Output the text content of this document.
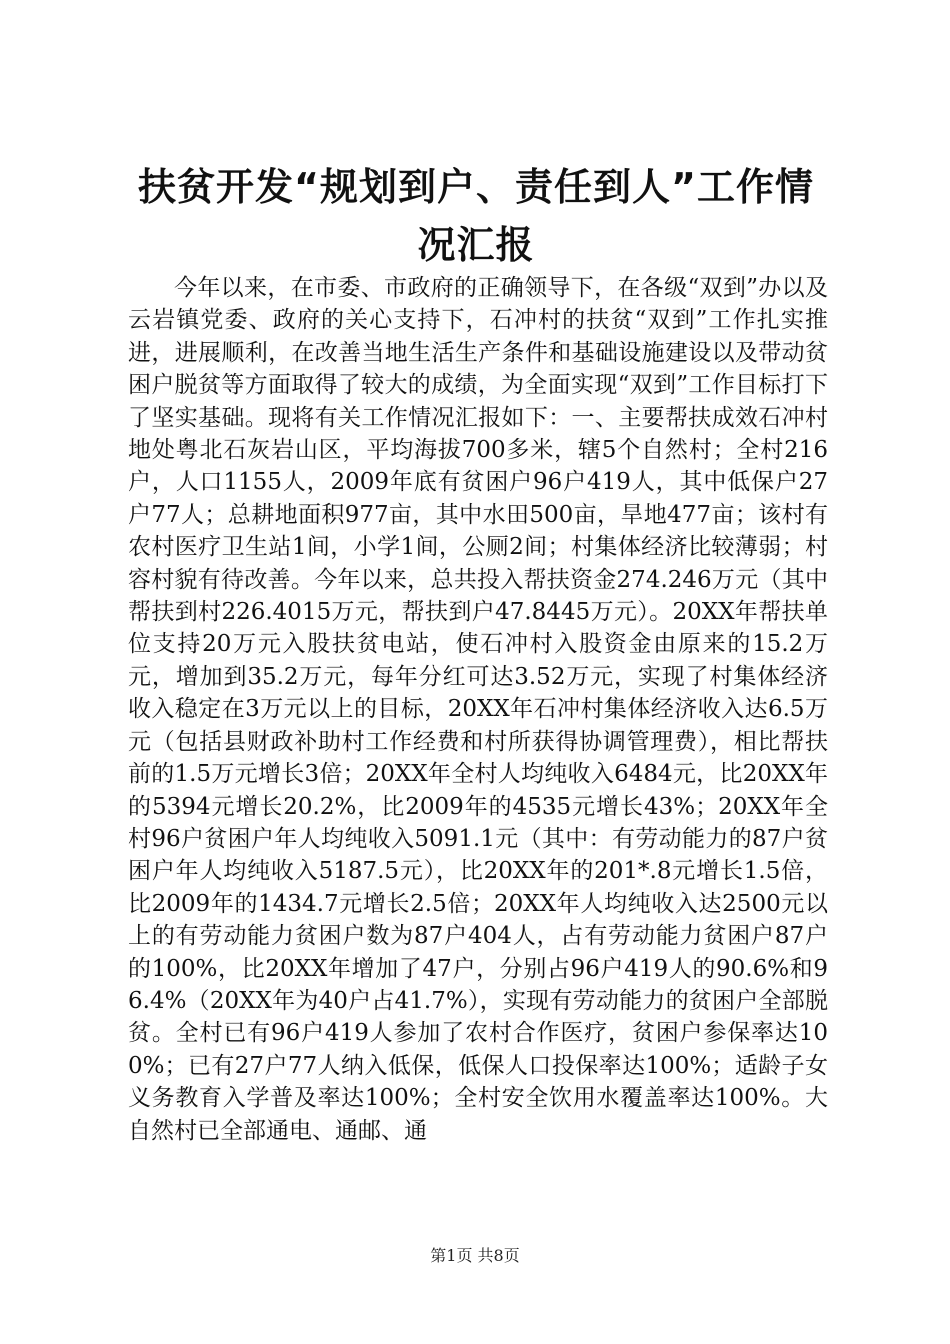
扶贫开发“规划到户、责任到人”工作情况汇报
今年以来，在市委、市政府的正确领导下，在各级“双到”办以及云岩镇党委、政府的关心支持下，石冲村的扶贫“双到”工作扎实推进，进展顺利，在改善当地生活生产条件和基础设施建设以及带动贫困户脱贫等方面取得了较大的成绩，为全面实现“双到”工作目标打下了坚实基础。现将有关工作情况汇报如下：一、主要帮扶成效石冲村地处粤北石灰岩山区，平均海拔700多米，辖5个自然村；全村216户，人口1155人，2009年底有贫困户96户419人，其中低保户27户77人；总耕地面积977亩，其中水田500亩，旱地477亩；该村有农村医疗卫生站1间，小学1间，公厕2间；村集体经济比较薄弱；村容村貌有待改善。今年以来，总共投入帮扶资金274.246万元（其中帮扶到村226.4015万元，帮扶到户47.8445万元）。20XX年帮扶单位支持20万元入股扶贫电站，使石冲村入股资金由原来的15.2万元，增加到35.2万元，每年分红可达3.52万元，实现了村集体经济收入稳定在3万元以上的目标，20XX年石冲村集体经济收入达6.5万元（包括县财政补助村工作经费和村所获得协调管理费），相比帮扶前的1.5万元增长3倍；20XX年全村人均纯收入6484元，比20XX年的5394元增长20.2%，比2009年的4535元增长43%；20XX年全村96户贫困户年人均纯收入5091.1元（其中：有劳动能力的87户贫困户年人均纯收入5187.5元），比20XX年的201*.8元增长1.5倍，比2009年的1434.7元增长2.5倍；20XX年人均纯收入达2500元以上的有劳动能力贫困户数为87户404人，占有劳动能力贫困户87户的100%，比20XX年增加了47户，分别占96户419人的90.6%和96.4%（20XX年为40户占41.7%），实现有劳动能力的贫困户全部脱贫。全村已有96户419人参加了农村合作医疗，贫困户参保率达100%；已有27户77人纳入低保，低保人口投保率达100%；适龄子女义务教育入学普及率达100%；全村安全饮用水覆盖率达100%。大自然村已全部通电、通邮、通
第1页 共8页
